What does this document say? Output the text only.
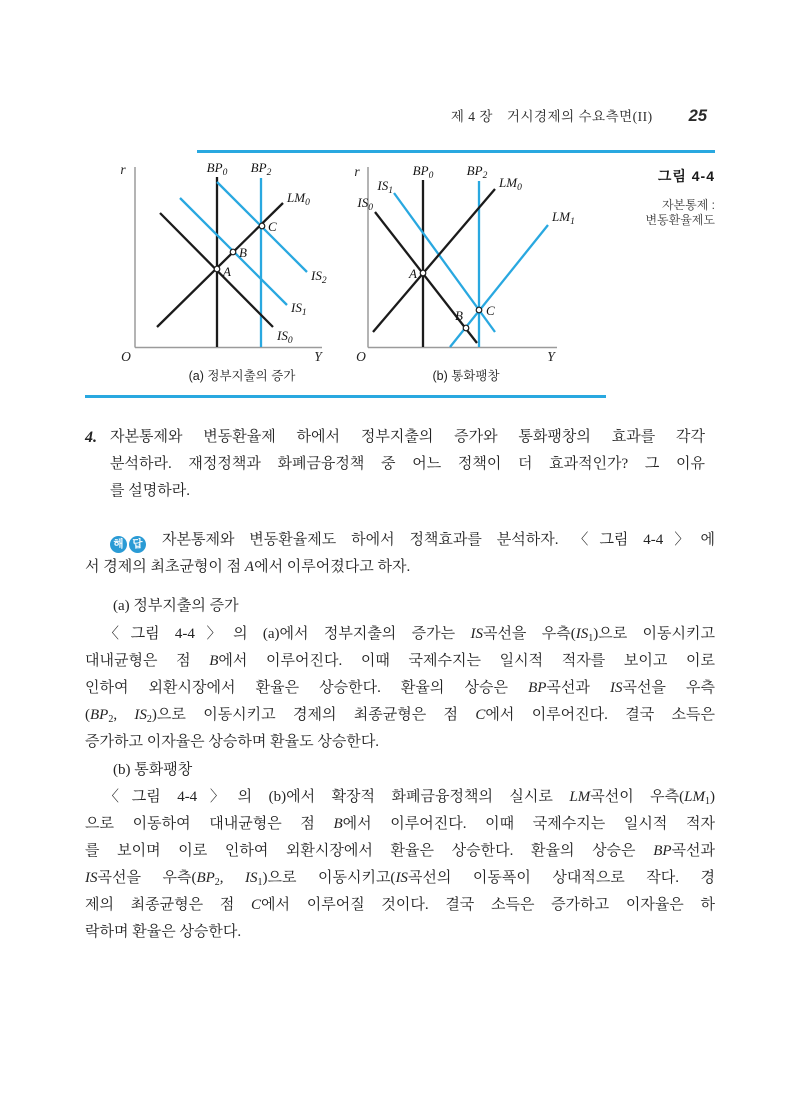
제 4 장 거시경제의 수요측면(II) 25
그림 4-4
자본통제 :
변동환율제도
r
O	Y
$BP_0$ $BP_2$
$LM_0$
$IS_0$
$IS_1$
$IS_2$
A
B
C
(a) 정부지출의 증가
r
O	Y
$BP_0$	$BP_2$
$IS_0$
$IS_1$
$LM_0$
$LM_1$
A
B C
(b) 통화팽창
4. 자본통제와 변동환율제 하에서 정부지출의 증가와 통화팽창의 효과를 각각
분석하라. 재정정책과 화폐금융정책 중 어느 정책이 더 효과적인가? 그 이유
를 설명하라.
해 답 자본통제와 변동환율제도 하에서 정책효과를 분석하자. 〈그림 4-4〉에
서 경제의 최초균형이 점 A에서 이루어졌다고 하자.
(a) 정부지출의 증가
〈그림 4-4〉의 (a)에서 정부지출의 증가는 IS곡선을 우측$(IS_1)$으로 이동시키고
대내균형은 점 B에서 이루어진다. 이때 국제수지는 일시적 적자를 보이고 이로
인하여 외환시장에서 환율은 상승한다. 환율의 상승은 BP곡선과 IS곡선을 우측
($BP_2$, $IS_2$)으로 이동시키고 경제의 최종균형은 점 C에서 이루어진다. 결국 소득은
증가하고 이자율은 상승하며 환율도 상승한다.
(b) 통화팽창
〈그림 4-4〉의 (b)에서 확장적 화폐금융정책의 실시로 LM곡선이 우측$(LM_1)$
으로 이동하여 대내균형은 점 B에서 이루어진다. 이때 국제수지는 일시적 적자
를 보이며 이로 인하여 외환시장에서 환율은 상승한다. 환율의 상승은 BP곡선과
IS곡선을 우측($BP_2$, $IS_1$)으로 이동시키고(IS곡선의 이동폭이 상대적으로 작다. 경
제의 최종균형은 점 C에서 이루어질 것이다. 결국 소득은 증가하고 이자율은 하
락하며 환율은 상승한다.
